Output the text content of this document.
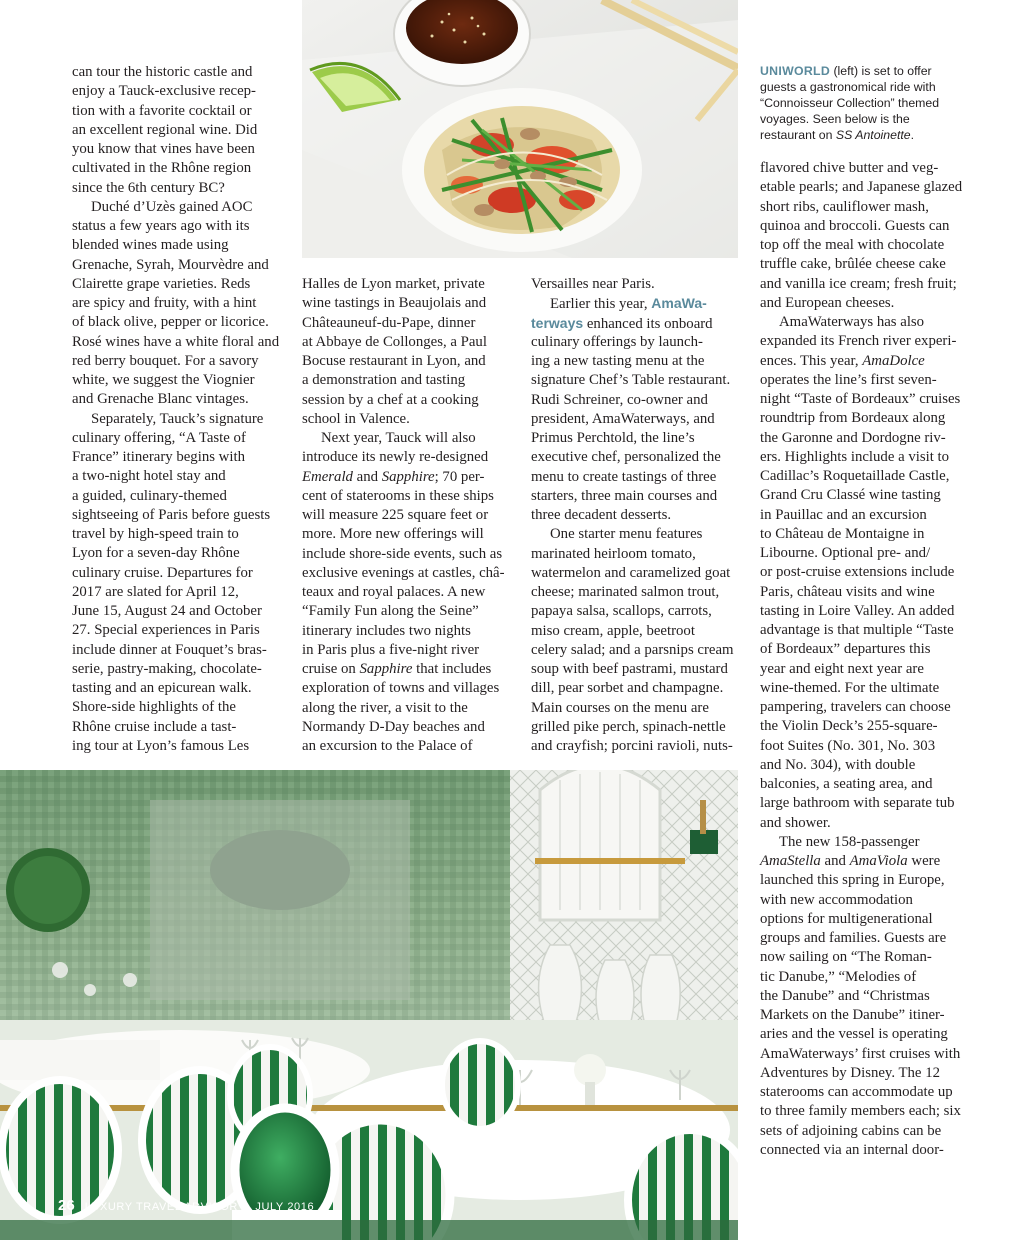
UNIWORLD (left) is set to offer
guests a gastronomical ride with
“Connoisseur Collection” themed
voyages. Seen below is the
restaurant on SS Antoinette.
can tour the historic castle and
enjoy a Tauck-exclusive recep-
tion with a favorite cocktail or
an excellent regional wine. Did
you know that vines have been
cultivated in the Rhône region
since the 6th century BC?
Duché d’Uzès gained AOC
status a few years ago with its
blended wines made using
Grenache, Syrah, Mourvèdre and
Clairette grape varieties. Reds
are spicy and fruity, with a hint
of black olive, pepper or licorice.
Rosé wines have a white floral and
red berry bouquet. For a savory
white, we suggest the Viognier
and Grenache Blanc vintages.
Separately, Tauck’s signature
culinary offering, “A Taste of
France” itinerary begins with
a two-night hotel stay and
a guided, culinary-themed
sightseeing of Paris before guests
travel by high-speed train to
Lyon for a seven-day Rhône
culinary cruise. Departures for
2017 are slated for April 12,
June 15, August 24 and October
27. Special experiences in Paris
include dinner at Fouquet’s bras-
serie, pastry-making, chocolate-
tasting and an epicurean walk.
Shore-side highlights of the
Rhône cruise include a tast-
ing tour at Lyon’s famous Les
Halles de Lyon market, private
wine tastings in Beaujolais and
Châteauneuf-du-Pape, dinner
at Abbaye de Collonges, a Paul
Bocuse restaurant in Lyon, and
a demonstration and tasting
session by a chef at a cooking
school in Valence.
Next year, Tauck will also
introduce its newly re-designed
Emerald and Sapphire; 70 per-
cent of staterooms in these ships
will measure 225 square feet or
more. More new offerings will
include shore-side events, such as
exclusive evenings at castles, châ-
teaux and royal palaces. A new
“Family Fun along the Seine”
itinerary includes two nights
in Paris plus a five-night river
cruise on Sapphire that includes
exploration of towns and villages
along the river, a visit to the
Normandy D-Day beaches and
an excursion to the Palace of
Versailles near Paris.
Earlier this year, AmaWa-
terways enhanced its onboard
culinary offerings by launch-
ing a new tasting menu at the
signature Chef’s Table restaurant.
Rudi Schreiner, co-owner and
president, AmaWaterways, and
Primus Perchtold, the line’s
executive chef, personalized the
menu to create tastings of three
starters, three main courses and
three decadent desserts.
One starter menu features
marinated heirloom tomato,
watermelon and caramelized goat
cheese; marinated salmon trout,
papaya salsa, scallops, carrots,
miso cream, apple, beetroot
celery salad; and a parsnips cream
soup with beef pastrami, mustard
dill, pear sorbet and champagne.
Main courses on the menu are
grilled pike perch, spinach-nettle
and crayfish; porcini ravioli, nuts-
flavored chive butter and veg-
etable pearls; and Japanese glazed
short ribs, cauliflower mash,
quinoa and broccoli. Guests can
top off the meal with chocolate
truffle cake, brûlée cheese cake
and vanilla ice cream; fresh fruit;
and European cheeses.
AmaWaterways has also
expanded its French river experi-
ences. This year, AmaDolce
operates the line’s first seven-
night “Taste of Bordeaux” cruises
roundtrip from Bordeaux along
the Garonne and Dordogne riv-
ers. Highlights include a visit to
Cadillac’s Roquetaillade Castle,
Grand Cru Classé wine tasting
in Pauillac and an excursion
to Château de Montaigne in
Libourne. Optional pre- and/
or post-cruise extensions include
Paris, château visits and wine
tasting in Loire Valley. An added
advantage is that multiple “Taste
of Bordeaux” departures this
year and eight next year are
wine-themed. For the ultimate
pampering, travelers can choose
the Violin Deck’s 255-square-
foot Suites (No. 301, No. 303
and No. 304), with double
balconies, a seating area, and
large bathroom with separate tub
and shower.
The new 158-passenger
AmaStella and AmaViola were
launched this spring in Europe,
with new accommodation
options for multigenerational
groups and families. Guests are
now sailing on “The Roman-
tic Danube,” “Melodies of
the Danube” and “Christmas
Markets on the Danube” itiner-
aries and the vessel is operating
AmaWaterways’ first cruises with
Adventures by Disney. The 12
staterooms can accommodate up
to three family members each; six
sets of adjoining cabins can be
connected via an internal door-
26 LUXURY TRAVEL ADVISOR | JULY 2016
